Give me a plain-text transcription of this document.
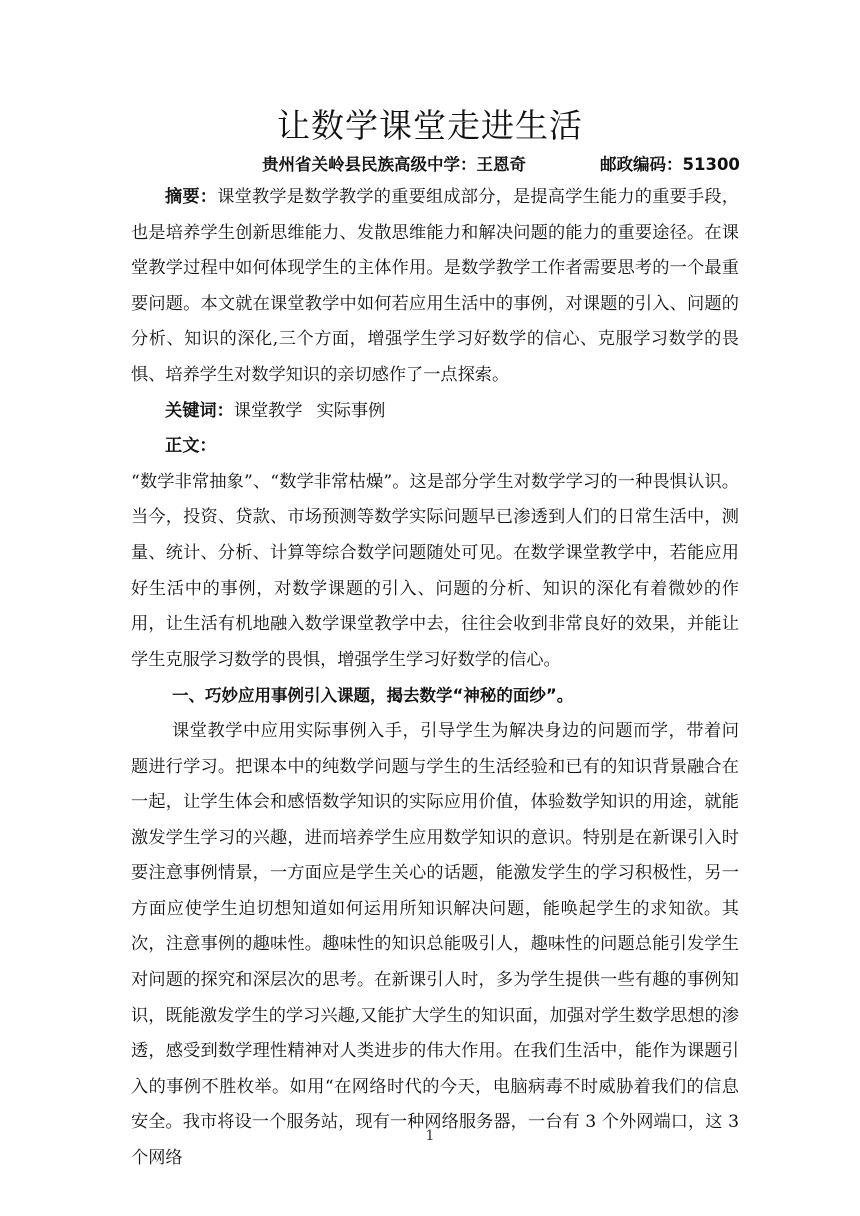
让数学课堂走进生活
贵州省关岭县民族高级中学：王恩奇	邮政编码：51300

摘要：课堂教学是数学教学的重要组成部分，是提高学生能力的重要手段，也是培养学生创新思维能力、发散思维能力和解决问题的能力的重要途径。在课堂教学过程中如何体现学生的主体作用。是数学教学工作者需要思考的一个最重要问题。本文就在课堂教学中如何若应用生活中的事例，对课题的引入、问题的分析、知识的深化,三个方面，增强学生学习好数学的信心、克服学习数学的畏惧、培养学生对数学知识的亲切感作了一点探索。

关键词：课堂教学 实际事例

正文：

“数学非常抽象”、“数学非常枯燥”。这是部分学生对数学学习的一种畏惧认识。当今，投资、贷款、市场预测等数学实际问题早已渗透到人们的日常生活中，测量、统计、分析、计算等综合数学问题随处可见。在数学课堂教学中，若能应用好生活中的事例，对数学课题的引入、问题的分析、知识的深化有着微妙的作用，让生活有机地融入数学课堂教学中去，往往会收到非常良好的效果，并能让学生克服学习数学的畏惧，增强学生学习好数学的信心。

一、巧妙应用事例引入课题，揭去数学“神秘的面纱”。

课堂教学中应用实际事例入手，引导学生为解决身边的问题而学，带着问题进行学习。把课本中的纯数学问题与学生的生活经验和已有的知识背景融合在一起，让学生体会和感悟数学知识的实际应用价值，体验数学知识的用途，就能激发学生学习的兴趣，进而培养学生应用数学知识的意识。特别是在新课引入时要注意事例情景，一方面应是学生关心的话题，能激发学生的学习积极性，另一方面应使学生迫切想知道如何运用所知识解决问题，能唤起学生的求知欲。其次，注意事例的趣味性。趣味性的知识总能吸引人，趣味性的问题总能引发学生对问题的探究和深层次的思考。在新课引人时，多为学生提供一些有趣的事例知识，既能激发学生的学习兴趣,又能扩大学生的知识面，加强对学生数学思想的渗透，感受到数学理性精神对人类进步的伟大作用。在我们生活中，能作为课题引入的事例不胜枚举。如用“在网络时代的今天，电脑病毒不时威胁着我们的信息安全。我市将设一个服务站，现有一种网络服务器，一台有 3 个外网端口，这 3 个网络

1
